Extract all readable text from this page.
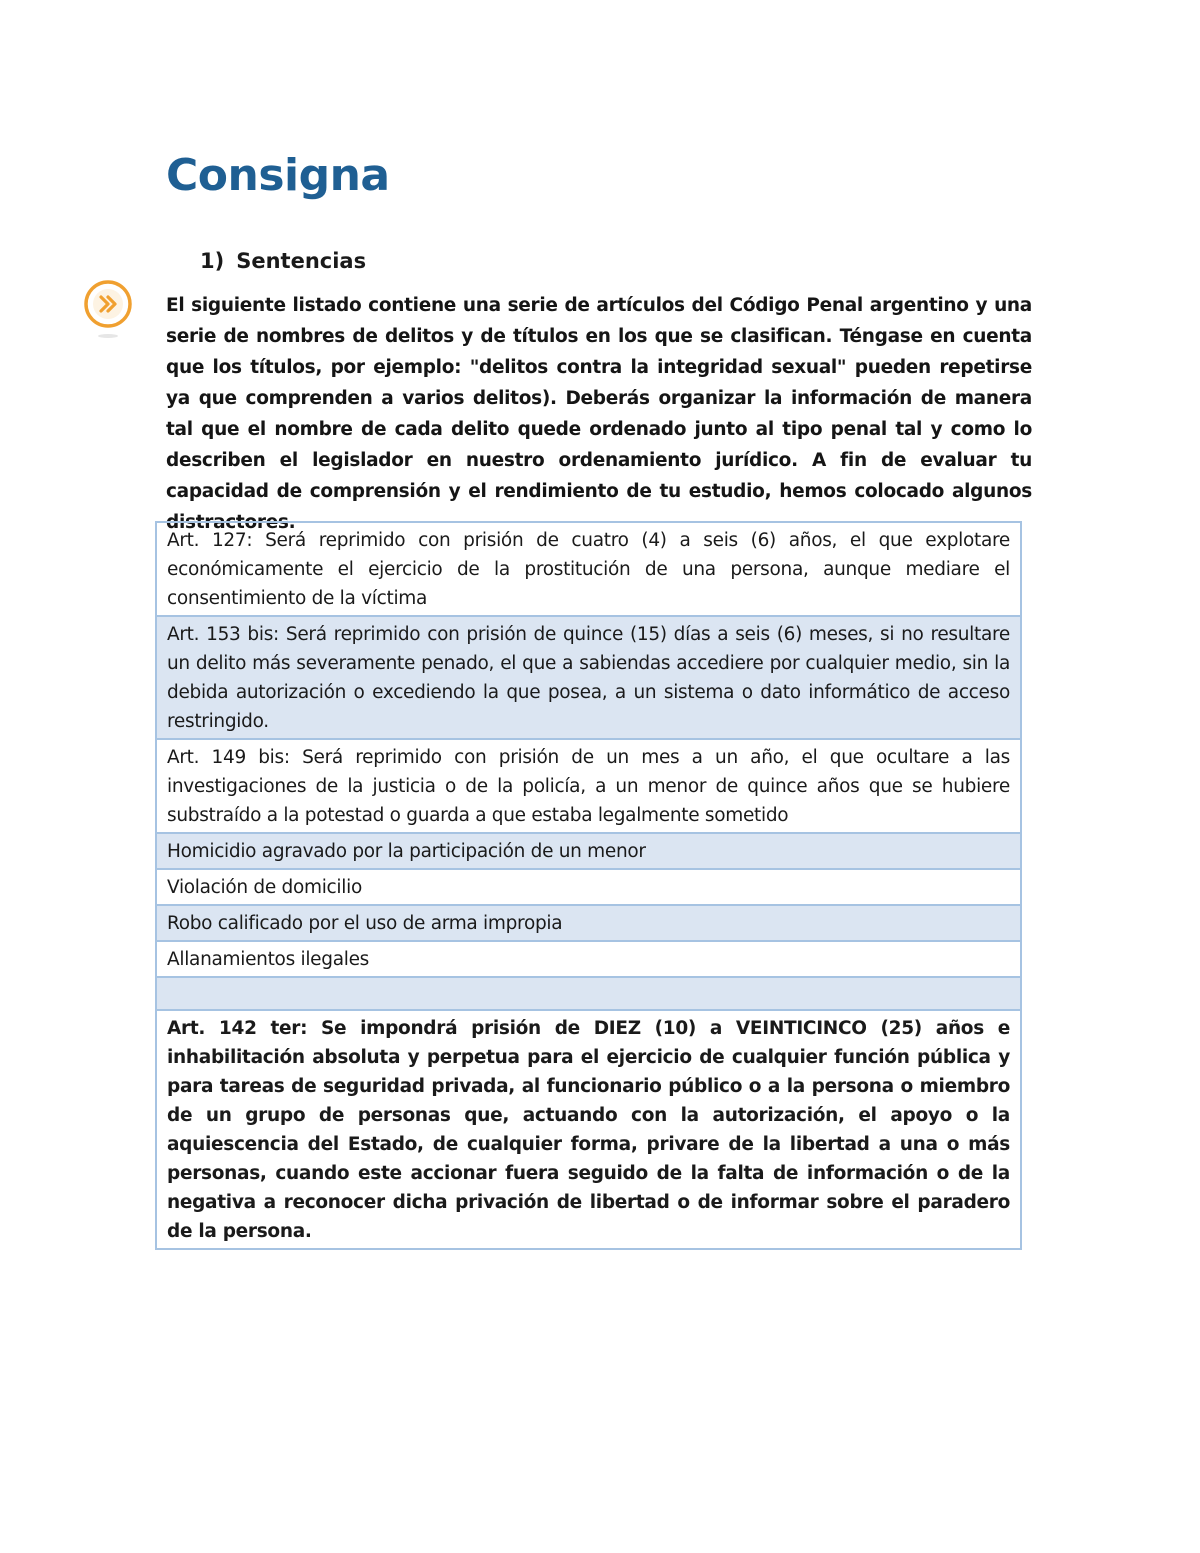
Consigna
1) Sentencias

El siguiente listado contiene una serie de artículos del Código Penal argentino y una serie de nombres de delitos y de títulos en los que se clasifican. Téngase en cuenta que los títulos, por ejemplo: "delitos contra la integridad sexual" pueden repetirse ya que comprenden a varios delitos). Deberás organizar la información de manera tal que el nombre de cada delito quede ordenado junto al tipo penal tal y como lo describen el legislador en nuestro ordenamiento jurídico. A fin de evaluar tu capacidad de comprensión y el rendimiento de tu estudio, hemos colocado algunos distractores.

Art. 127: Será reprimido con prisión de cuatro (4) a seis (6) años, el que explotare económicamente el ejercicio de la prostitución de una persona, aunque mediare el consentimiento de la víctima
Art. 153 bis: Será reprimido con prisión de quince (15) días a seis (6) meses, si no resultare un delito más severamente penado, el que a sabiendas accediere por cualquier medio, sin la debida autorización o excediendo la que posea, a un sistema o dato informático de acceso restringido.
Art. 149 bis: Será reprimido con prisión de un mes a un año, el que ocultare a las investigaciones de la justicia o de la policía, a un menor de quince años que se hubiere substraído a la potestad o guarda a que estaba legalmente sometido
Homicidio agravado por la participación de un menor
Violación de domicilio
Robo calificado por el uso de arma impropia
Allanamientos ilegales
Art. 142 ter: Se impondrá prisión de DIEZ (10) a VEINTICINCO (25) años e inhabilitación absoluta y perpetua para el ejercicio de cualquier función pública y para tareas de seguridad privada, al funcionario público o a la persona o miembro de un grupo de personas que, actuando con la autorización, el apoyo o la aquiescencia del Estado, de cualquier forma, privare de la libertad a una o más personas, cuando este accionar fuera seguido de la falta de información o de la negativa a reconocer dicha privación de libertad o de informar sobre el paradero de la persona.
